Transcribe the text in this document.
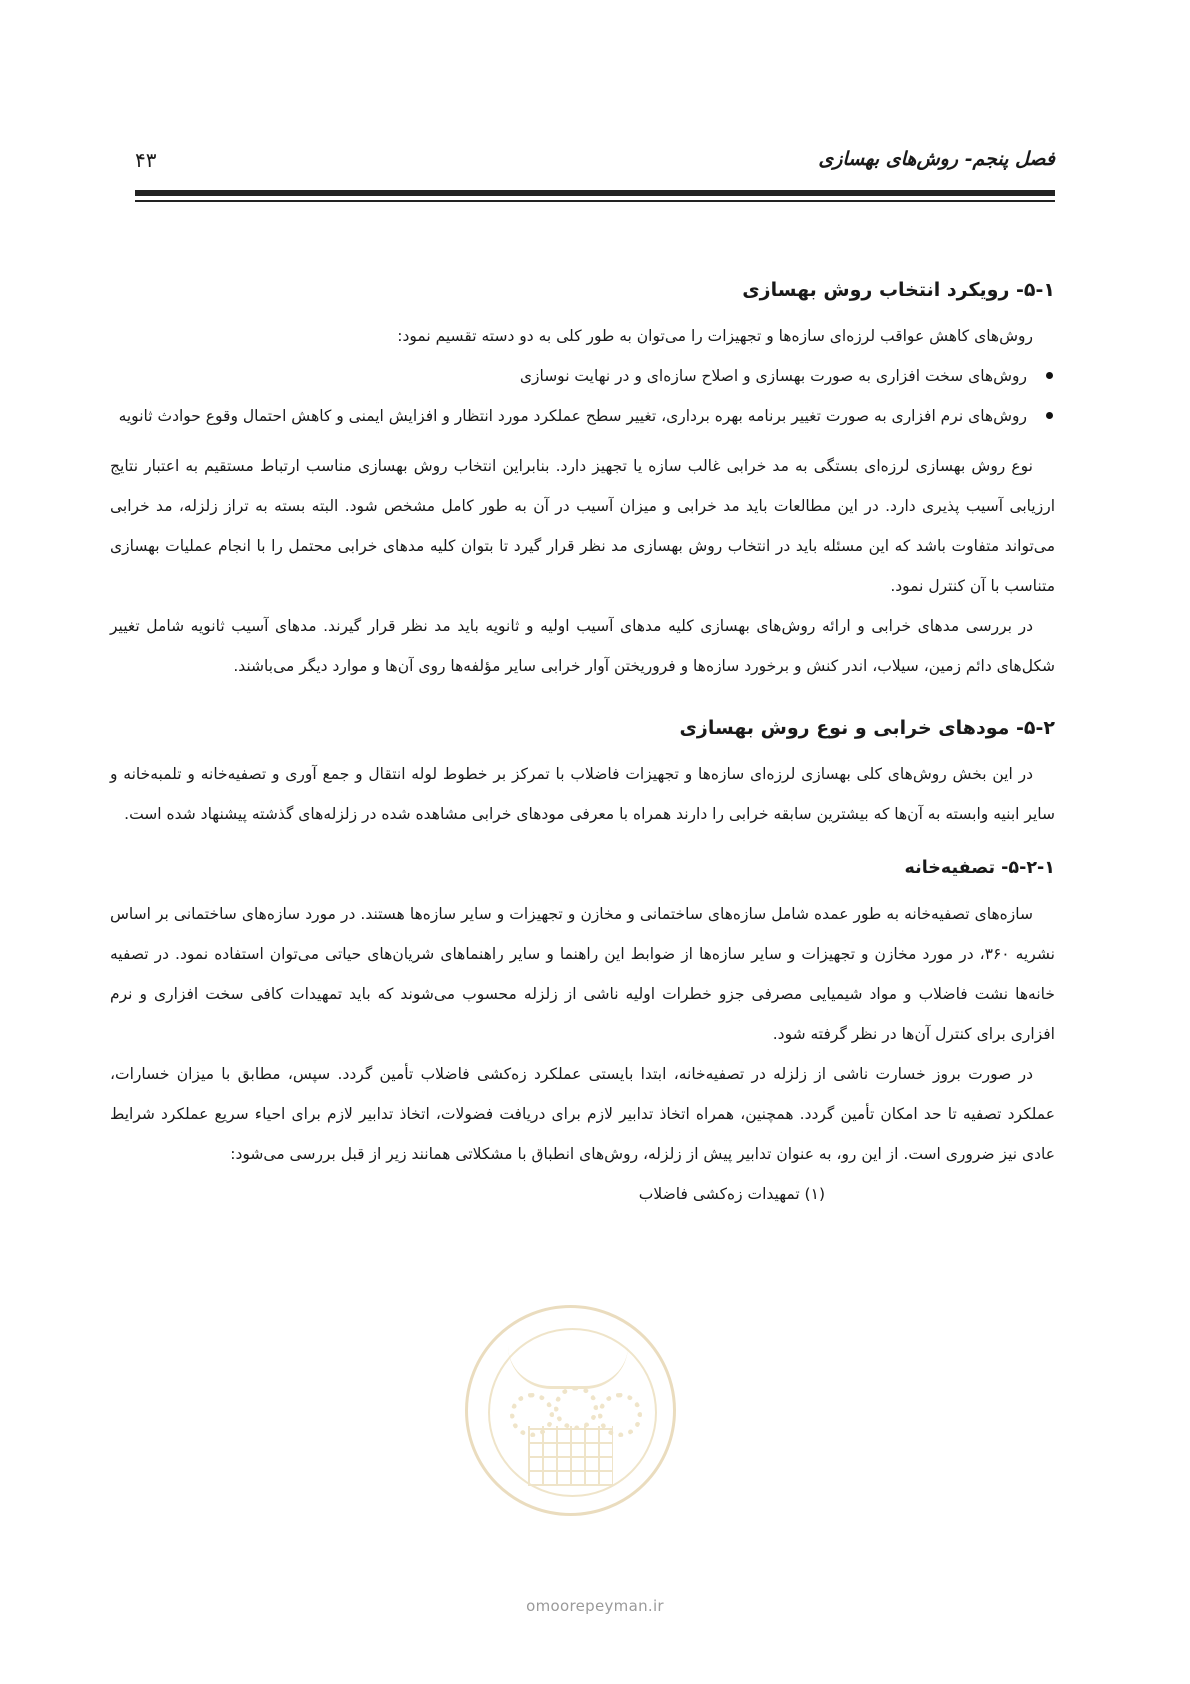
فصل پنجم- روش‌های بهسازی
۴۳
۵-۱- رویکرد انتخاب روش بهسازی

روش‌های کاهش عواقب لرزه‌ای سازه‌ها و تجهیزات را می‌توان به طور کلی به دو دسته تقسیم نمود:

روش‌های سخت افزاری به صورت بهسازی و اصلاح سازه‌ای و در نهایت نوسازی
روش‌های نرم افزاری به صورت تغییر برنامه بهره برداری، تغییر سطح عملکرد مورد انتظار و افزایش ایمنی و کاهش احتمال وقوع حوادث ثانویه

نوع روش بهسازی لرزه‌ای بستگی به مد خرابی غالب سازه یا تجهیز دارد. بنابراین انتخاب روش بهسازی مناسب ارتباط مستقیم به اعتبار نتایج ارزیابی آسیب پذیری دارد. در این مطالعات باید مد خرابی و میزان آسیب در آن به طور کامل مشخص شود. البته بسته به تراز زلزله، مد خرابی می‌تواند متفاوت باشد که این مسئله باید در انتخاب روش بهسازی مد نظر قرار گیرد تا بتوان کلیه مدهای خرابی محتمل را با انجام عملیات بهسازی متناسب با آن کنترل نمود.

در بررسی مدهای خرابی و ارائه روش‌های بهسازی کلیه مدهای آسیب اولیه و ثانویه باید مد نظر قرار گیرند. مدهای آسیب ثانویه شامل تغییر شکل‌های دائم زمین، سیلاب، اندر کنش و برخورد سازه‌ها و فروریختن آوار خرابی سایر مؤلفه‌ها روی آن‌ها و موارد دیگر می‌باشند.

۵-۲- مودهای خرابی و نوع روش بهسازی

در این بخش روش‌های کلی بهسازی لرزه‌ای سازه‌ها و تجهیزات فاضلاب با تمرکز بر خطوط لوله انتقال و جمع آوری و تصفیه‌خانه و تلمبه‌خانه و سایر ابنیه وابسته به آن‌ها که بیشترین سابقه خرابی را دارند همراه با معرفی مودهای خرابی مشاهده شده در زلزله‌های گذشته پیشنهاد شده است.

۵-۲-۱- تصفیه‌خانه

سازه‌های تصفیه‌خانه به طور عمده شامل سازه‌های ساختمانی و مخازن و تجهیزات و سایر سازه‌ها هستند. در مورد سازه‌های ساختمانی بر اساس نشریه ۳۶۰، در مورد مخازن و تجهیزات و سایر سازه‌ها از ضوابط این راهنما و سایر راهنماهای شریان‌های حیاتی می‌توان استفاده نمود. در تصفیه خانه‌ها نشت فاضلاب و مواد شیمیایی مصرفی جزو خطرات اولیه ناشی از زلزله محسوب می‌شوند که باید تمهیدات کافی سخت افزاری و نرم افزاری برای کنترل آن‌ها در نظر گرفته شود.

در صورت بروز خسارت ناشی از زلزله در تصفیه‌خانه، ابتدا بایستی عملکرد زه‌کشی فاضلاب تأمین گردد. سپس، مطابق با میزان خسارات، عملکرد تصفیه تا حد امکان تأمین گردد. همچنین، همراه اتخاذ تدابیر لازم برای دریافت فضولات، اتخاذ تدابیر لازم برای احیاء سریع عملکرد شرایط عادی نیز ضروری است. از این رو، به عنوان تدابیر پیش از زلزله، روش‌های انطباق با مشکلاتی همانند زیر از قبل بررسی می‌شود:

(۱) تمهیدات زه‌کشی فاضلاب

omoorepeyman.ir
